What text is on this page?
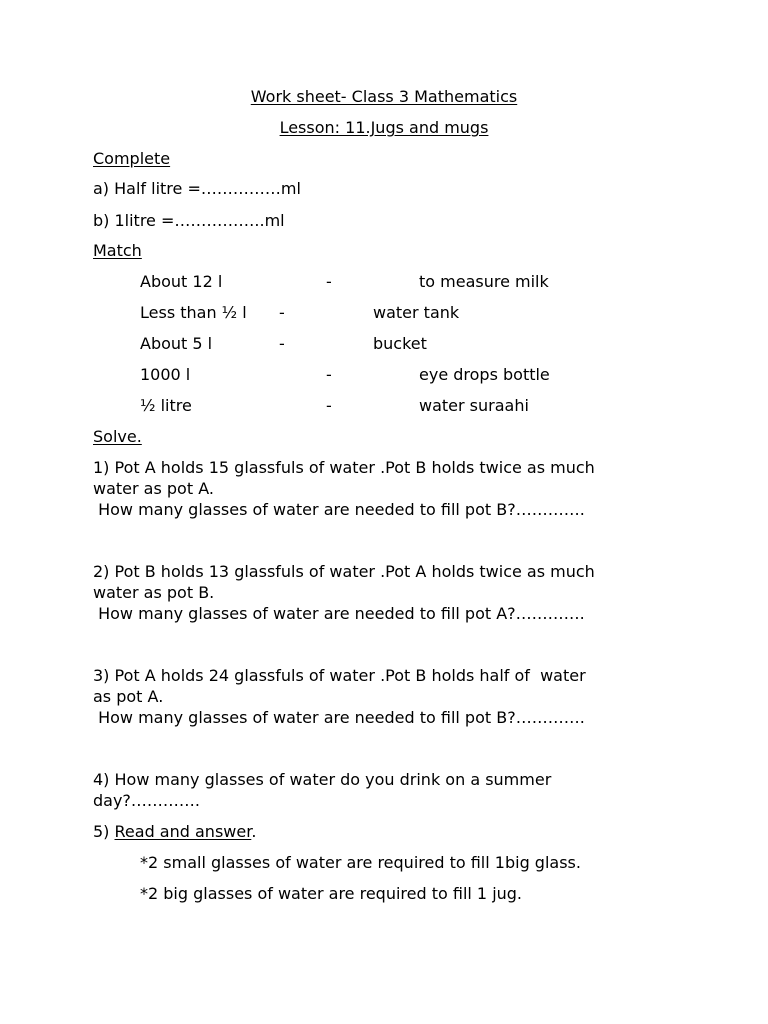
Work sheet- Class 3 Mathematics
Lesson: 11.Jugs and mugs
Complete
a) Half litre =……………ml
b) 1litre =……………..ml
Match
About 12 l	-	to measure milk
Less than ½ l -	water tank
About 5 l	-	bucket
1000 l	-	eye drops bottle
½ litre	-	water suraahi
Solve.
1) Pot A holds 15 glassfuls of water .Pot B holds twice as much
water as pot A.
How many glasses of water are needed to fill pot B?………….
2) Pot B holds 13 glassfuls of water .Pot A holds twice as much
water as pot B.
How many glasses of water are needed to fill pot A?………….
3) Pot A holds 24 glassfuls of water .Pot B holds half of  water
as pot A.
How many glasses of water are needed to fill pot B?………….
4) How many glasses of water do you drink on a summer
day?………….
5) Read and answer.
*2 small glasses of water are required to fill 1big glass.
*2 big glasses of water are required to fill 1 jug.
